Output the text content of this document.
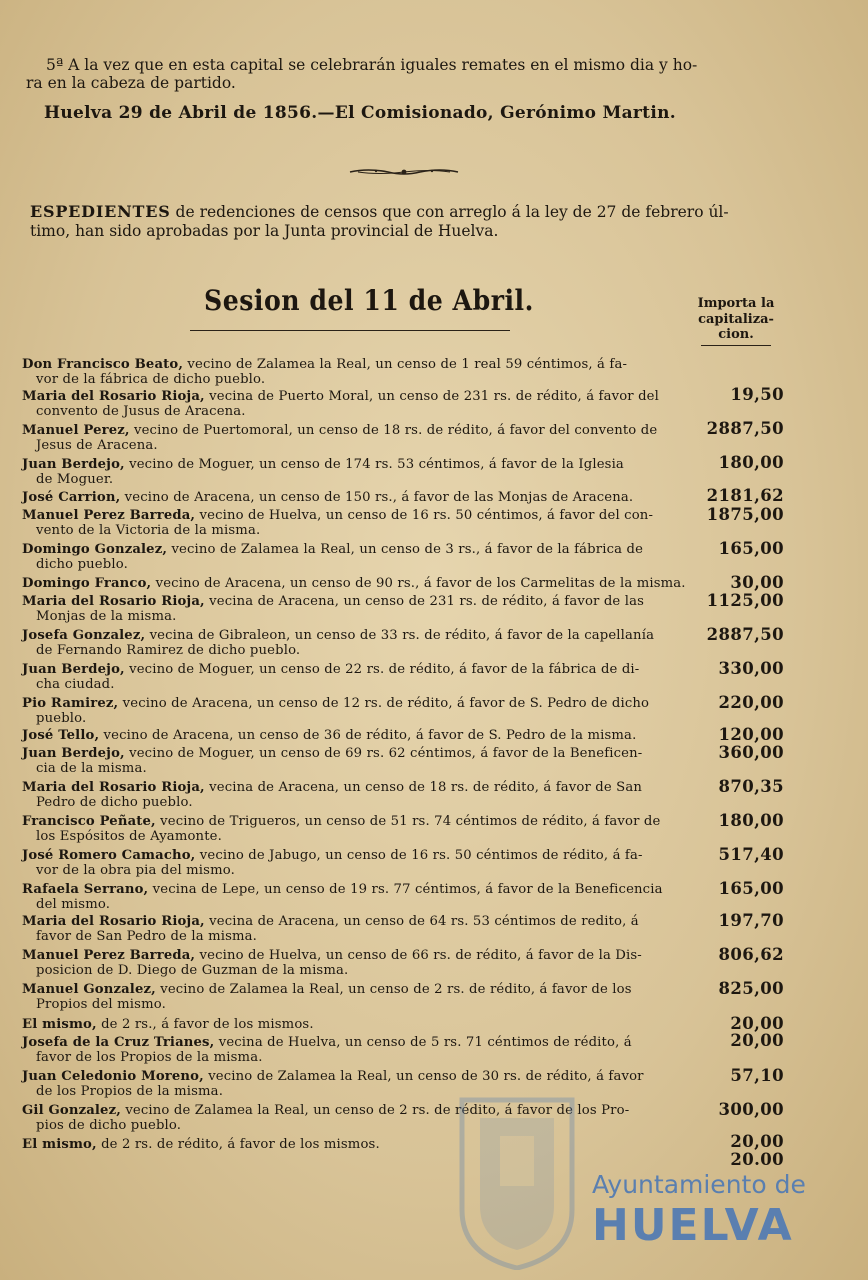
5ª A la vez que en esta capital se celebrarán iguales remates en el mismo dia y ho-

ra en la cabeza de partido.

Huelva 29 de Abril de 1856.—El Comisionado, Gerónimo Martin.

ESPEDIENTES de redenciones de censos que con arreglo á la ley de 27 de febrero úl-

timo, han sido aprobadas por la Junta provincial de Huelva.

Sesion del 11 de Abril.	Importa la
capitaliza-
cion.
Don Francisco Beato, vecino de Zalamea la Real, un censo de 1 real 59 céntimos, á fa-
vor de la fábrica de dicho pueblo.
Maria del Rosario Rioja, vecina de Puerto Moral, un censo de 231 rs. de rédito, á favor del
convento de Jusus de Aracena.
Manuel Perez, vecino de Puertomoral, un censo de 18 rs. de rédito, á favor del convento de
Jesus de Aracena.
Juan Berdejo, vecino de Moguer, un censo de 174 rs. 53 céntimos, á favor de la Iglesia
de Moguer.
José Carrion, vecino de Aracena, un censo de 150 rs., á favor de las Monjas de Aracena.
Manuel Perez Barreda, vecino de Huelva, un censo de 16 rs. 50 céntimos, á favor del con-
vento de la Victoria de la misma.
Domingo Gonzalez, vecino de Zalamea la Real, un censo de 3 rs., á favor de la fábrica de
dicho pueblo.
Domingo Franco, vecino de Aracena, un censo de 90 rs., á favor de los Carmelitas de la misma.
Maria del Rosario Rioja, vecina de Aracena, un censo de 231 rs. de rédito, á favor de las
Monjas de la misma.
Josefa Gonzalez, vecina de Gibraleon, un censo de 33 rs. de rédito, á favor de la capellanía
de Fernando Ramirez de dicho pueblo.
Juan Berdejo, vecino de Moguer, un censo de 22 rs. de rédito, á favor de la fábrica de di-
cha ciudad.
Pio Ramirez, vecino de Aracena, un censo de 12 rs. de rédito, á favor de S. Pedro de dicho
pueblo.
José Tello, vecino de Aracena, un censo de 36 de rédito, á favor de S. Pedro de la misma.
Juan Berdejo, vecino de Moguer, un censo de 69 rs. 62 céntimos, á favor de la Beneficen-
cia de la misma.
Maria del Rosario Rioja, vecina de Aracena, un censo de 18 rs. de rédito, á favor de San
Pedro de dicho pueblo.
Francisco Peñate, vecino de Trigueros, un censo de 51 rs. 74 céntimos de rédito, á favor de
los Espósitos de Ayamonte.
José Romero Camacho, vecino de Jabugo, un censo de 16 rs. 50 céntimos de rédito, á fa-
vor de la obra pia del mismo.
Rafaela Serrano, vecina de Lepe, un censo de 19 rs. 77 céntimos, á favor de la Beneficencia
del mismo.
Maria del Rosario Rioja, vecina de Aracena, un censo de 64 rs. 53 céntimos de redito, á
favor de San Pedro de la misma.
Manuel Perez Barreda, vecino de Huelva, un censo de 66 rs. de rédito, á favor de la Dis-
posicion de D. Diego de Guzman de la misma.
Manuel Gonzalez, vecino de Zalamea la Real, un censo de 2 rs. de rédito, á favor de los
Propios del mismo.
El mismo, de 2 rs., á favor de los mismos.
Josefa de la Cruz Trianes, vecina de Huelva, un censo de 5 rs. 71 céntimos de rédito, á
favor de los Propios de la misma.
Juan Celedonio Moreno, vecino de Zalamea la Real, un censo de 30 rs. de rédito, á favor
de los Propios de la misma.
Gil Gonzalez, vecino de Zalamea la Real, un censo de 2 rs. de rédito, á favor de los Pro-
pios de dicho pueblo.
El mismo, de 2 rs. de rédito, á favor de los mismos.
19,50
2887,50
180,00
2181,62
1875,00
165,00
30,00
1125,00
2887,50
330,00
220,00
120,00
360,00
870,35
180,00
517,40
165,00
197,70
806,62
825,00
20,00
20,00
57,10
300,00
20,00
20.00
Ayuntamiento de
HUELVA
